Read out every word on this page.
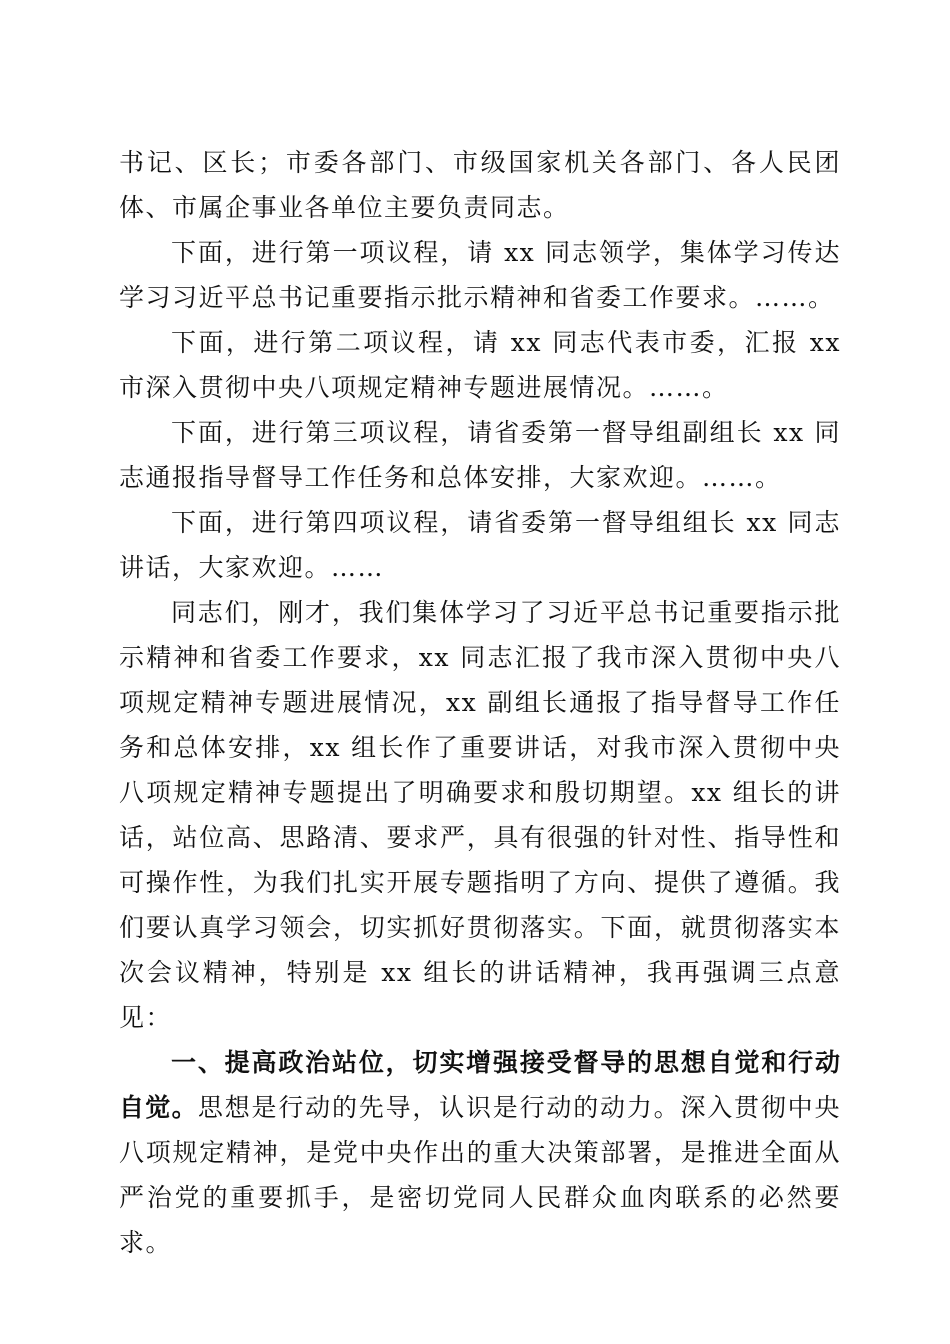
书记、区长；市委各部门、市级国家机关各部门、各人民团体、市属企事业各单位主要负责同志。

下面，进行第一项议程，请 xx 同志领学，集体学习传达学习习近平总书记重要指示批示精神和省委工作要求。……。

下面，进行第二项议程，请 xx 同志代表市委，汇报 xx 市深入贯彻中央八项规定精神专题进展情况。……。

下面，进行第三项议程，请省委第一督导组副组长 xx 同志通报指导督导工作任务和总体安排，大家欢迎。……。

下面，进行第四项议程，请省委第一督导组组长 xx 同志讲话，大家欢迎。……

同志们，刚才，我们集体学习了习近平总书记重要指示批示精神和省委工作要求，xx 同志汇报了我市深入贯彻中央八项规定精神专题进展情况，xx 副组长通报了指导督导工作任务和总体安排，xx 组长作了重要讲话，对我市深入贯彻中央八项规定精神专题提出了明确要求和殷切期望。xx 组长的讲话，站位高、思路清、要求严，具有很强的针对性、指导性和可操作性，为我们扎实开展专题指明了方向、提供了遵循。我们要认真学习领会，切实抓好贯彻落实。下面，就贯彻落实本次会议精神，特别是 xx 组长的讲话精神，我再强调三点意见：

一、提高政治站位，切实增强接受督导的思想自觉和行动自觉。思想是行动的先导，认识是行动的动力。深入贯彻中央八项规定精神，是党中央作出的重大决策部署，是推进全面从严治党的重要抓手，是密切党同人民群众血肉联系的必然要求。
